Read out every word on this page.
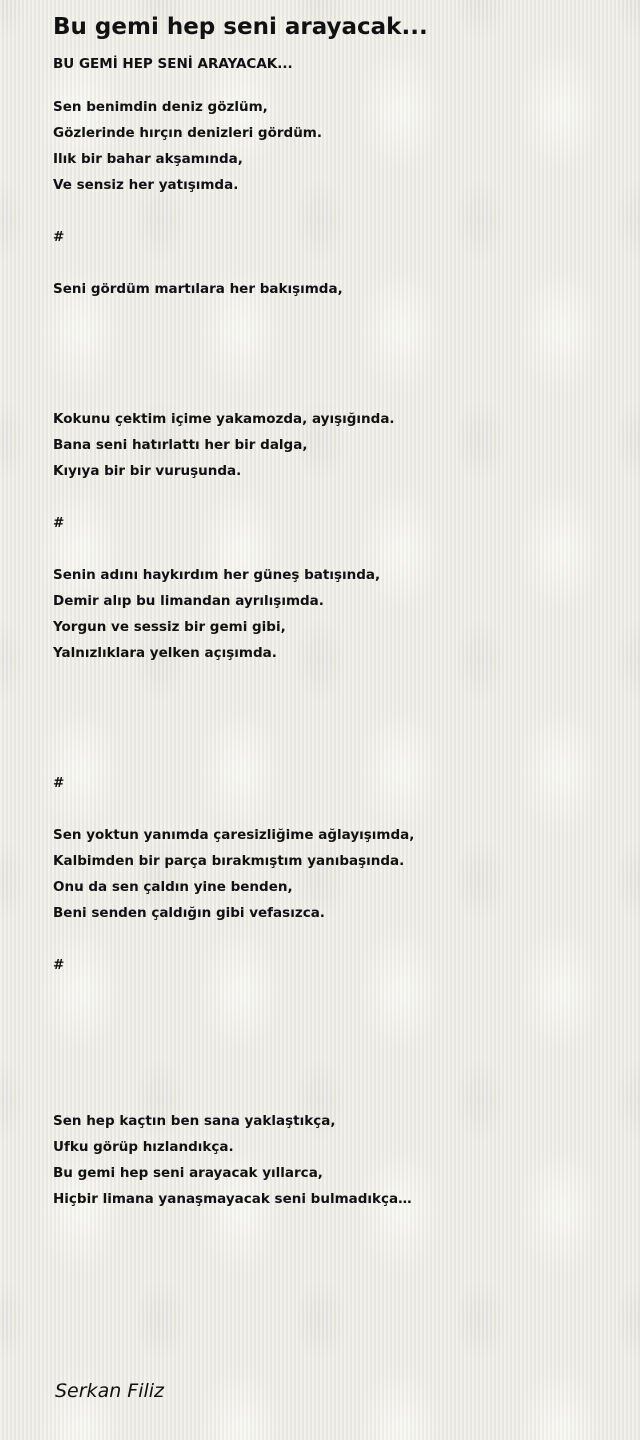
Bu gemi hep seni arayacak...
BU GEMİ HEP SENİ ARAYACAK...
Sen benimdin deniz gözlüm,
Gözlerinde hırçın denizleri gördüm.
Ilık bir bahar akşamında,
Ve sensiz her yatışımda.
#
Seni gördüm martılara her bakışımda,
Kokunu çektim içime yakamozda, ayışığında.
Bana seni hatırlattı her bir dalga,
Kıyıya bir bir vuruşunda.
#
Senin adını haykırdım her güneş batışında,
Demir alıp bu limandan ayrılışımda.
Yorgun ve sessiz bir gemi gibi,
Yalnızlıklara yelken açışımda.
#
Sen yoktun yanımda çaresizliğime ağlayışımda,
Kalbimden bir parça bırakmıştım yanıbaşında.
Onu da sen çaldın yine benden,
Beni senden çaldığın gibi vefasızca.
#
Sen hep kaçtın ben sana yaklaştıkça,
Ufku görüp hızlandıkça.
Bu gemi hep seni arayacak yıllarca,
Hiçbir limana yanaşmayacak seni bulmadıkça…
Serkan Filiz
